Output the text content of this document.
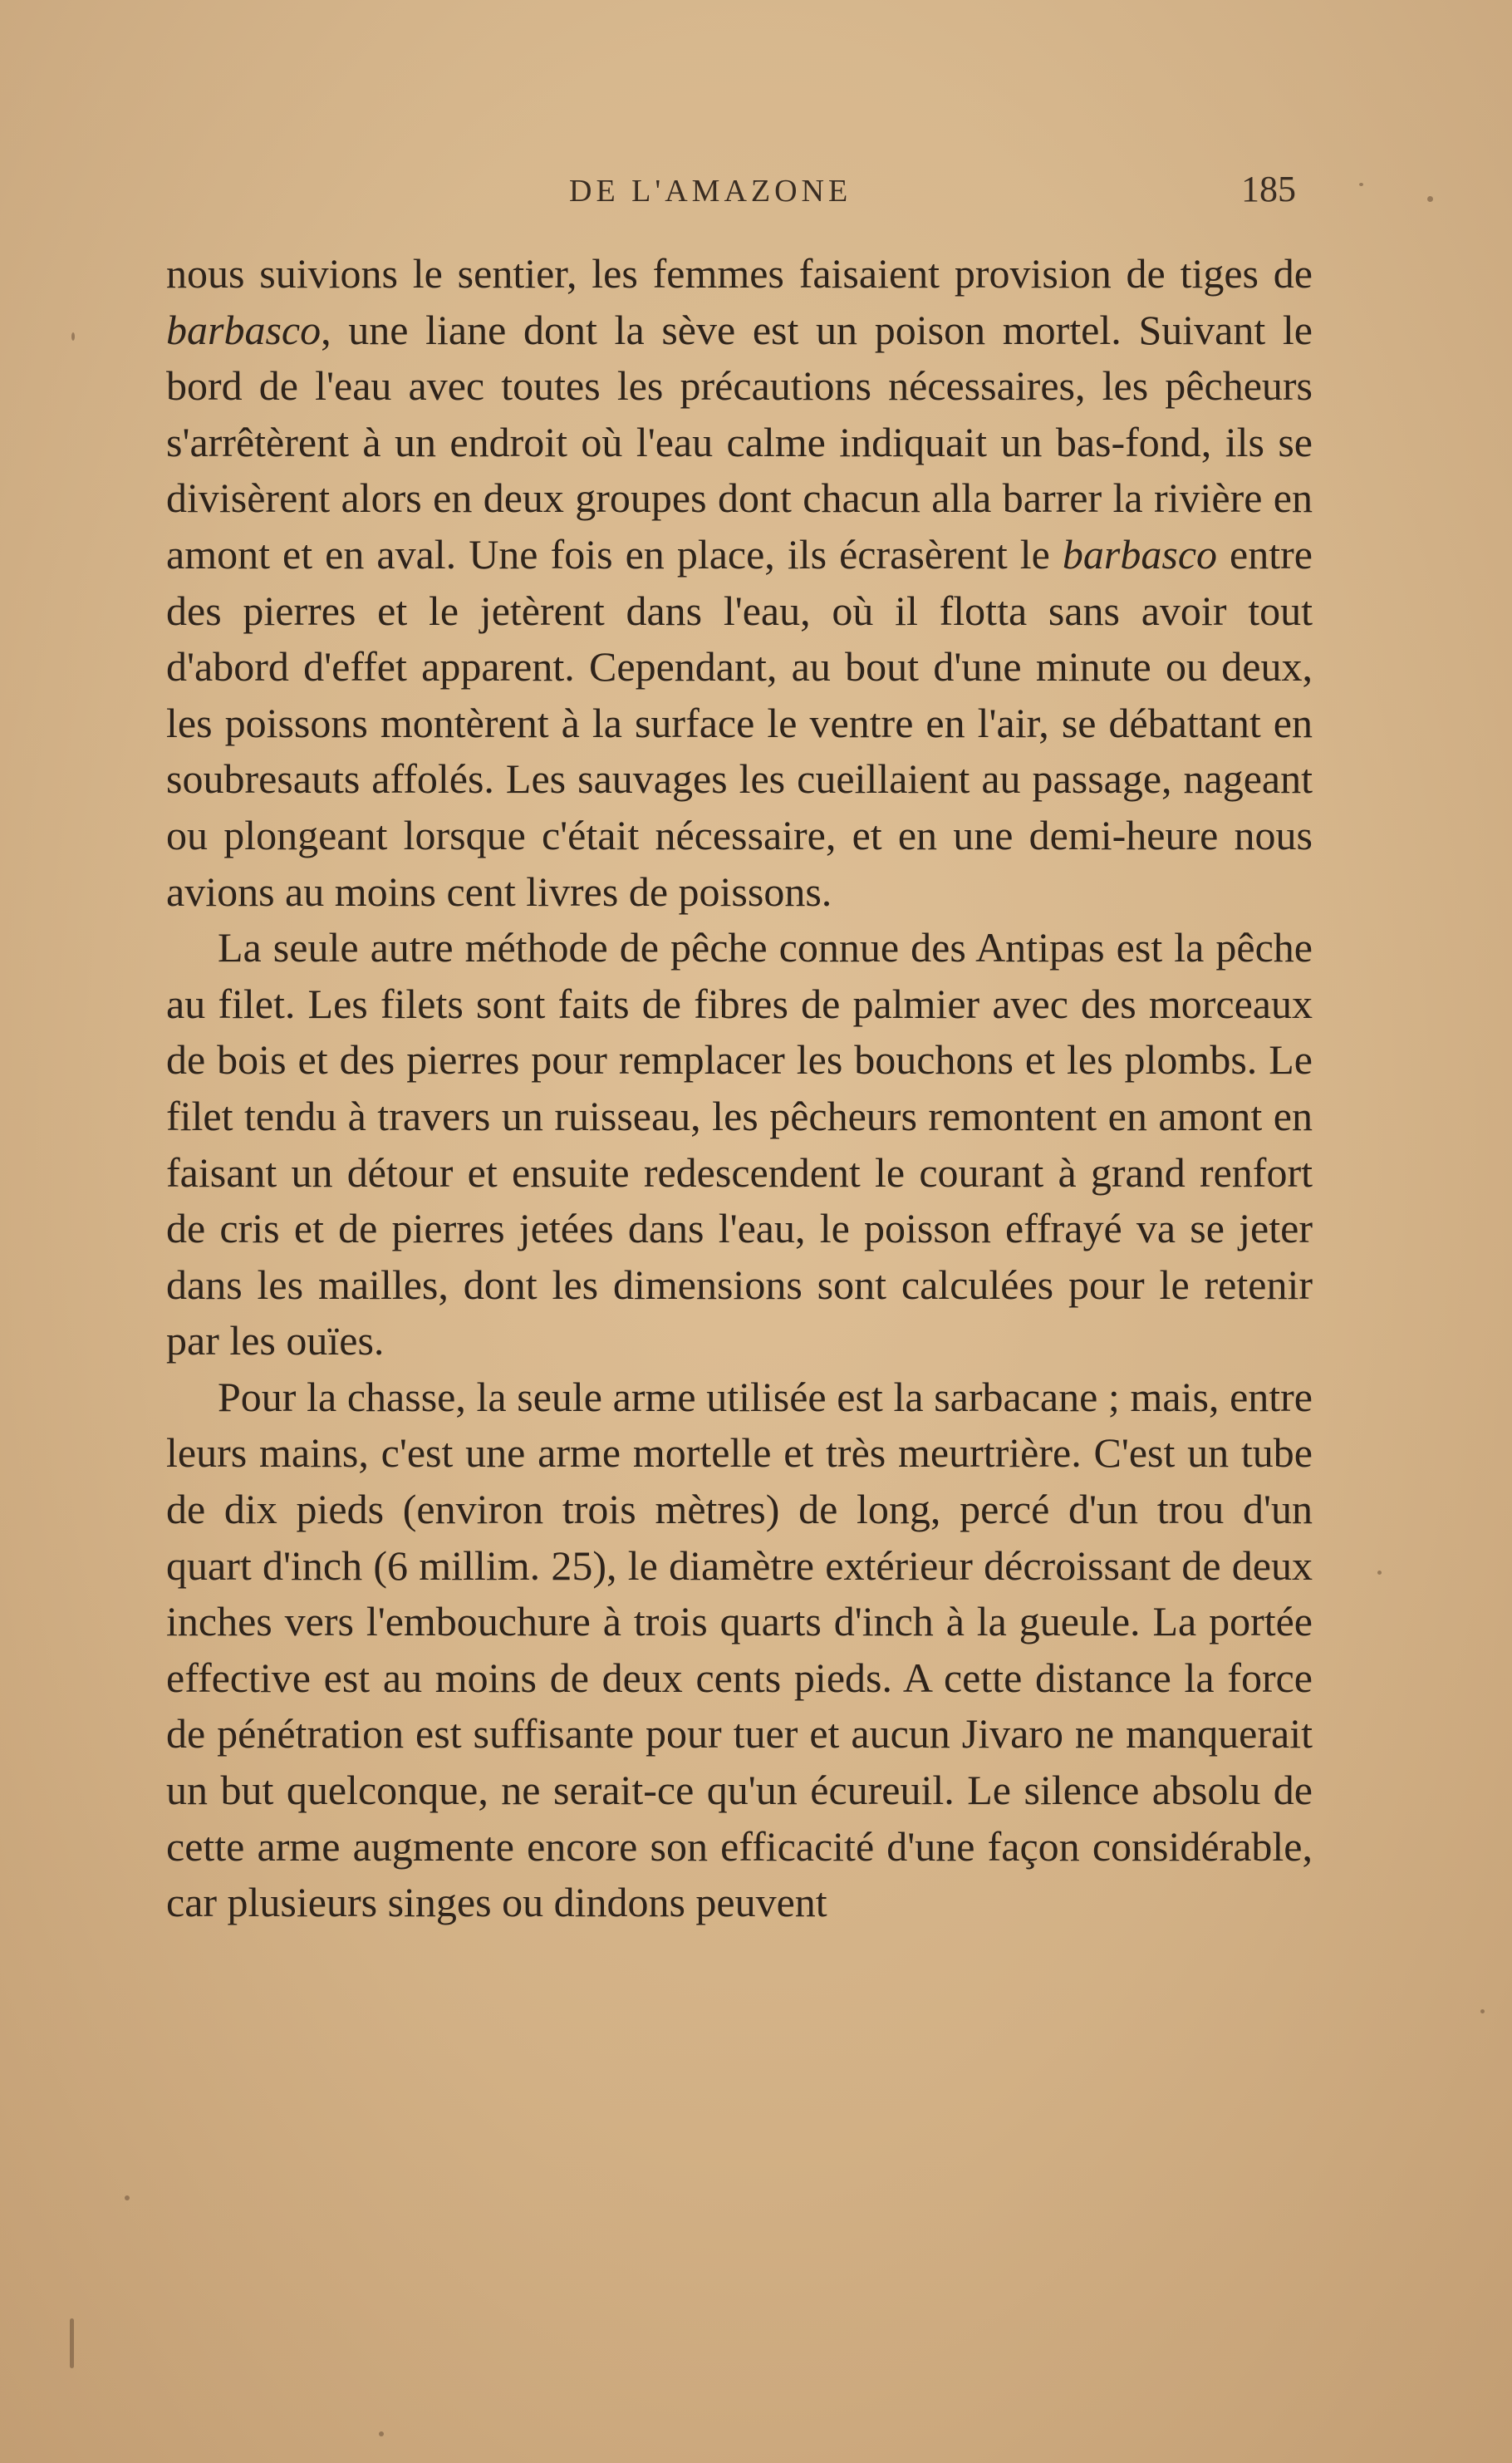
DE L'AMAZONE	185

nous suivions le sentier, les femmes faisaient provision de tiges de barbasco, une liane dont la sève est un poison mortel. Suivant le bord de l'eau avec toutes les précautions nécessaires, les pêcheurs s'arrêtèrent à un endroit où l'eau calme indiquait un bas-fond, ils se divisèrent alors en deux groupes dont chacun alla barrer la rivière en amont et en aval. Une fois en place, ils écrasèrent le barbasco entre des pierres et le jetèrent dans l'eau, où il flotta sans avoir tout d'abord d'effet apparent. Cependant, au bout d'une minute ou deux, les poissons montèrent à la surface le ventre en l'air, se débattant en soubresauts affolés. Les sauvages les cueillaient au passage, nageant ou plongeant lorsque c'était nécessaire, et en une demi-heure nous avions au moins cent livres de poissons.

La seule autre méthode de pêche connue des Antipas est la pêche au filet. Les filets sont faits de fibres de palmier avec des morceaux de bois et des pierres pour remplacer les bouchons et les plombs. Le filet tendu à travers un ruisseau, les pêcheurs remontent en amont en faisant un détour et ensuite redescendent le courant à grand renfort de cris et de pierres jetées dans l'eau, le poisson effrayé va se jeter dans les mailles, dont les dimensions sont calculées pour le retenir par les ouïes.

Pour la chasse, la seule arme utilisée est la sarbacane ; mais, entre leurs mains, c'est une arme mortelle et très meurtrière. C'est un tube de dix pieds (environ trois mètres) de long, percé d'un trou d'un quart d'inch (6 millim. 25), le diamètre extérieur décroissant de deux inches vers l'embouchure à trois quarts d'inch à la gueule. La portée effective est au moins de deux cents pieds. A cette distance la force de pénétration est suffisante pour tuer et aucun Jivaro ne manquerait un but quelconque, ne serait-ce qu'un écureuil. Le silence absolu de cette arme augmente encore son efficacité d'une façon considérable, car plusieurs singes ou dindons peuvent
